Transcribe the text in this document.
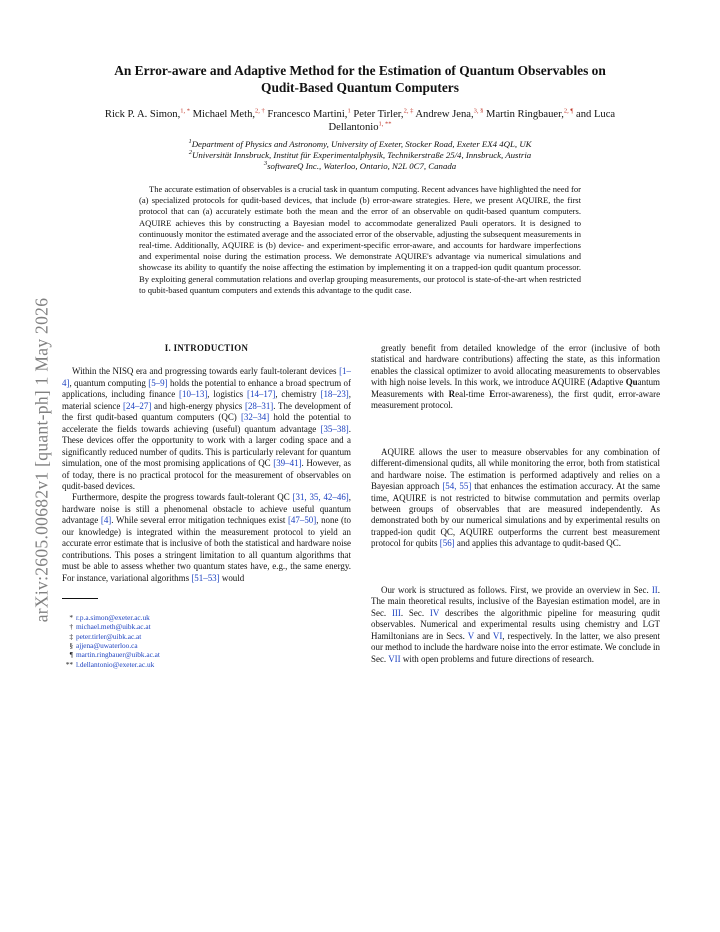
arXiv:2605.00682v1 [quant-ph] 1 May 2026
An Error-aware and Adaptive Method for the Estimation of Quantum Observables on
Qudit-Based Quantum Computers
Rick P. A. Simon,$^{1, *}$ Michael Meth,$^{2, \dagger}$ Francesco Martini,$^1$ Peter Tirler,$^{2, \ddagger}$ Andrew Jena,$^{3, \S}$ Martin Ringbauer,$^{2, \P}$ and Luca Dellantonio$^{1, **}$
$^1$Department of Physics and Astronomy, University of Exeter, Stocker Road, Exeter EX4 4QL, UK
$^2$Universität Innsbruck, Institut für Experimentalphysik, Technikerstraße 25/4, Innsbruck, Austria
$^3$softwareQ Inc., Waterloo, Ontario, N2L 0C7, Canada
The accurate estimation of observables is a crucial task in quantum computing. Recent advances have highlighted the need for (a) specialized protocols for qudit-based devices, that include (b) error-aware strategies. Here, we present AQUIRE, the first protocol that can (a) accurately estimate both the mean and the error of an observable on qudit-based quantum computers. AQUIRE achieves this by constructing a Bayesian model to accommodate generalized Pauli operators. It is designed to continuously monitor the estimated average and the associated error of the observable, adjusting the subsequent measurements in real-time. Additionally, AQUIRE is (b) device- and experiment-specific error-aware, and accounts for hardware imperfections and experimental noise during the estimation process. We demonstrate AQUIRE's advantage via numerical simulations and showcase its ability to quantify the noise affecting the estimation by implementing it on a trapped-ion qudit quantum processor. By exploiting general commutation relations and overlap grouping measurements, our protocol is state-of-the-art when restricted to qubit-based quantum computers and extends this advantage to the qudit case.
I. INTRODUCTION

Within the NISQ era and progressing towards early fault-tolerant devices [1–4], quantum computing [5–9] holds the potential to enhance a broad spectrum of applications, including finance [10–13], logistics [14–17], chemistry [18–23], material science [24–27] and high-energy physics [28–31]. The development of the first qudit-based quantum computers (QC) [32–34] hold the potential to accelerate the fields towards achieving (useful) quantum advantage [35–38]. These devices offer the opportunity to work with a larger coding space and a significantly reduced number of qudits. This is particularly relevant for quantum simulation, one of the most promising applications of QC [39–41]. However, as of today, there is no practical protocol for the measurement of observables on qudit-based devices.

Furthermore, despite the progress towards fault-tolerant QC [31, 35, 42–46], hardware noise is still a phenomenal obstacle to achieve useful quantum advantage [4]. While several error mitigation techniques exist [47–50], none (to our knowledge) is integrated within the measurement protocol to yield an accurate error estimate that is inclusive of both the statistical and hardware noise contributions. This poses a stringent limitation to all quantum algorithms that must be able to assess whether two quantum states have, e.g., the same energy. For instance, variational algorithms [51–53] would

* r.p.a.simon@exeter.ac.uk
† michael.meth@uibk.ac.at
‡ peter.tirler@uibk.ac.at
§ ajjena@uwaterloo.ca
¶ martin.ringbauer@uibk.ac.at
** l.dellantonio@exeter.ac.uk

greatly benefit from detailed knowledge of the error (inclusive of both statistical and hardware contributions) affecting the state, as this information enables the classical optimizer to avoid allocating measurements to observables with high noise levels. In this work, we introduce AQUIRE (Adaptive Quantum Measurements with Real-time Error-awareness), the first qudit, error-aware measurement protocol.

AQUIRE allows the user to measure observables for any combination of different-dimensional qudits, all while monitoring the error, both from statistical and hardware noise. The estimation is performed adaptively and relies on a Bayesian approach [54, 55] that enhances the estimation accuracy. At the same time, AQUIRE is not restricted to bitwise commutation and permits overlap between groups of observables that are measured independently. As demonstrated both by our numerical simulations and by experimental results on trapped-ion qudit QC, AQUIRE outperforms the current best measurement protocol for qubits [56] and applies this advantage to qudit-based QC.

Our work is structured as follows. First, we provide an overview in Sec. II. The main theoretical results, inclusive of the Bayesian estimation model, are in Sec. III. Sec. IV describes the algorithmic pipeline for measuring qudit observables. Numerical and experimental results using chemistry and LGT Hamiltonians are in Secs. V and VI, respectively. In the latter, we also present our method to include the hardware noise into the error estimate. We conclude in Sec. VII with open problems and future directions of research.
